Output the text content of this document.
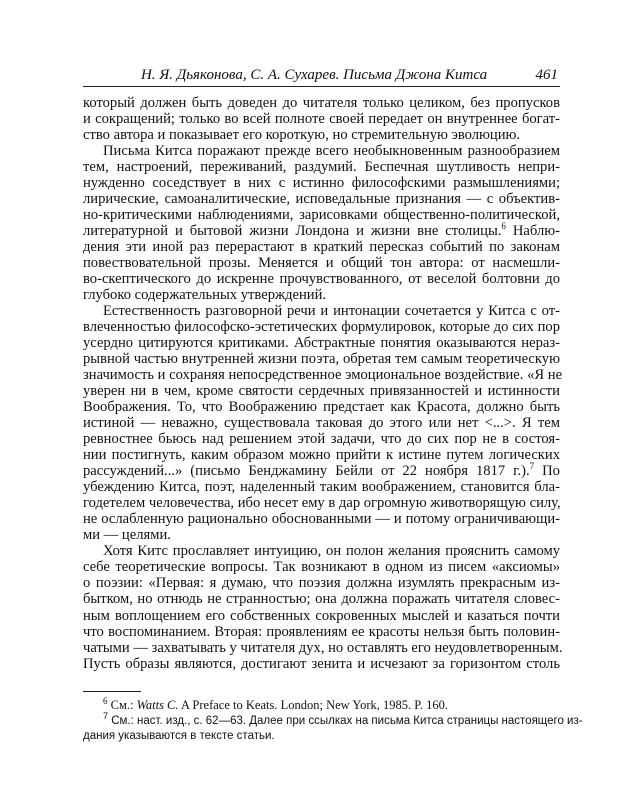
Н. Я. Дьяконова, С. А. Сухарев. Письма Джона Китса	461
который должен быть доведен до читателя только целиком, без пропусков
и сокращений; только во всей полноте своей передает он внутреннее богат-
ство автора и показывает его короткую, но стремительную эволюцию.
Письма Китса поражают прежде всего необыкновенным разнообразием
тем, настроений, переживаний, раздумий. Беспечная шутливость непри-
нужденно соседствует в них с истинно философскими размышлениями;
лирические, самоаналитические, исповедальные признания — с объектив-
но-критическими наблюдениями, зарисовками общественно-политической,
литературной и бытовой жизни Лондона и жизни вне столицы.$^6$ Наблю-
дения эти иной раз перерастают в краткий пересказ событий по законам
повествовательной прозы. Меняется и общий тон автора: от насмешли-
во-скептического до искренне прочувствованного, от веселой болтовни до
глубоко содержательных утверждений.
Естественность разговорной речи и интонации сочетается у Китса с от-
влеченностью философско-эстетических формулировок, которые до сих пор
усердно цитируются критиками. Абстрактные понятия оказываются нераз-
рывной частью внутренней жизни поэта, обретая тем самым теоретическую
значимость и сохраняя непосредственное эмоциональное воздействие. «Я не
уверен ни в чем, кроме святости сердечных привязанностей и истинности
Воображения. То, что Воображению предстает как Красота, должно быть
истиной — неважно, существовала таковая до этого или нет <...>. Я тем
ревностнее бьюсь над решением этой задачи, что до сих пор не в состоя-
нии постигнуть, каким образом можно прийти к истине путем логических
рассуждений...» (письмо Бенджамину Бейли от 22 ноября 1817 г.).$^7$ По
убеждению Китса, поэт, наделенный таким воображением, становится бла-
годетелем человечества, ибо несет ему в дар огромную животворящую силу,
не ослабленную рационально обоснованными — и потому ограничивающи-
ми — целями.
Хотя Китс прославляет интуицию, он полон желания прояснить самому
себе теоретические вопросы. Так возникают в одном из писем «аксиомы»
о поэзии: «Первая: я думаю, что поэзия должна изумлять прекрасным из-
бытком, но отнюдь не странностью; она должна поражать читателя словес-
ным воплощением его собственных сокровенных мыслей и казаться почти
что воспоминанием. Вторая: проявлениям ее красоты нельзя быть половин-
чатыми — захватывать у читателя дух, но оставлять его неудовлетворенным.
Пусть образы являются, достигают зенита и исчезают за горизонтом столь
$^6$ См.: Watts C. A Preface to Keats. London; New York, 1985. P. 160.
$^7$ См.: наст. изд., с. 62—63. Далее при ссылках на письма Китса страницы настоящего из-
дания указываются в тексте статьи.
